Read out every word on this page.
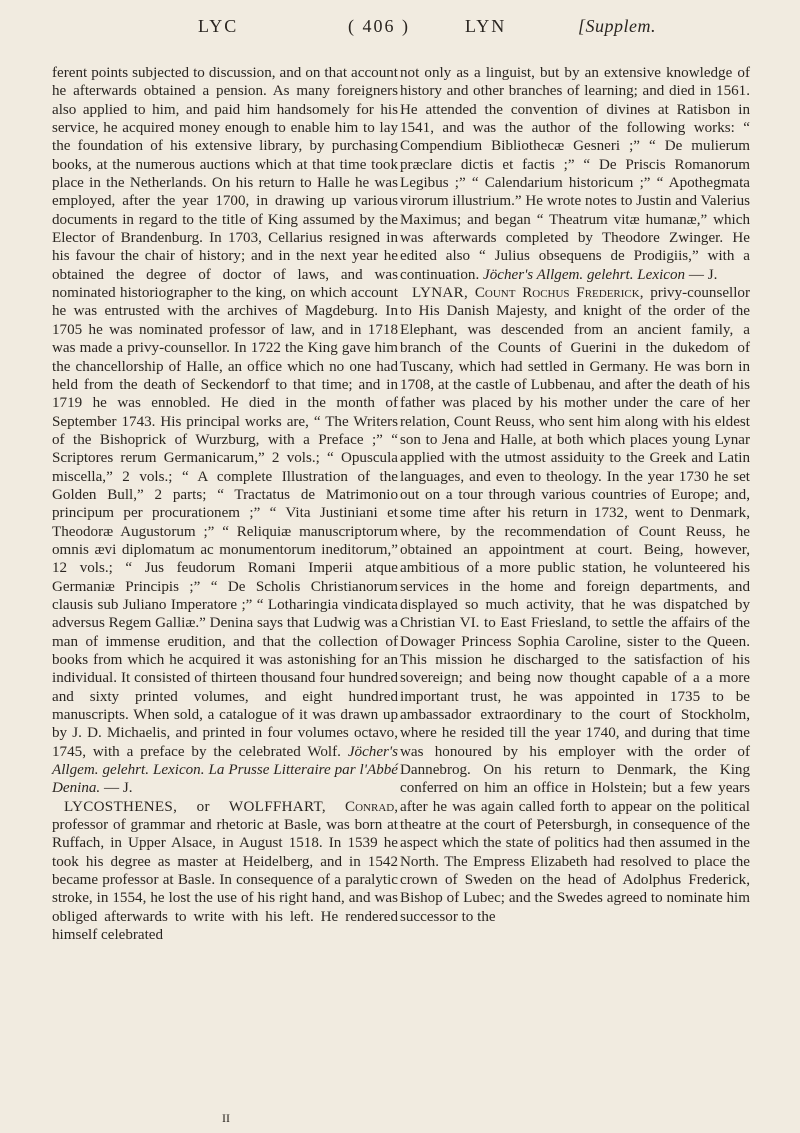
LYC	( 406 )	LYN	[Supplem.

ferent points subjected to discussion, and on that account he afterwards obtained a pension. As many foreigners also applied to him, and paid him handsomely for his service, he acquired money enough to enable him to lay the foundation of his extensive library, by purchasing books, at the numerous auctions which at that time took place in the Netherlands. On his return to Halle he was employed, after the year 1700, in drawing up various documents in regard to the title of King assumed by the Elector of Brandenburg. In 1703, Cellarius resigned in his favour the chair of history; and in the next year he obtained the degree of doctor of laws, and was nominated historiographer to the king, on which account he was entrusted with the archives of Magdeburg. In 1705 he was nominated professor of law, and in 1718 was made a privy-counsellor. In 1722 the King gave him the chancellorship of Halle, an office which no one had held from the death of Seckendorf to that time; and in 1719 he was ennobled. He died in the month of September 1743. His principal works are, “ The Writers of the Bishoprick of Wurzburg, with a Preface ;” “ Scriptores rerum Germanicarum,” 2 vols.; “ Opuscula miscella,” 2 vols.; “ A complete Illustration of the Golden Bull,” 2 parts; “ Tractatus de Matrimonio principum per procurationem ;” “ Vita Justiniani et Theodoræ Augustorum ;” “ Reliquiæ manuscriptorum omnis ævi diplomatum ac monumentorum ineditorum,” 12 vols.; “ Jus feudorum Romani Imperii atque Germaniæ Principis ;” “ De Scholis Christianorum clausis sub Juliano Imperatore ;” “ Lotharingia vindicata adversus Regem Galliæ.” Denina says that Ludwig was a man of immense erudition, and that the collection of books from which he acquired it was astonishing for an individual. It consisted of thirteen thousand four hundred and sixty printed volumes, and eight hundred manuscripts. When sold, a catalogue of it was drawn up by J. D. Michaelis, and printed in four volumes octavo, 1745, with a preface by the celebrated Wolf. Jöcher's Allgem. gelehrt. Lexicon. La Prusse Litteraire par l'Abbé Denina. — J.

LYCOSTHENES, or WOLFFHART, Conrad, professor of grammar and rhetoric at Basle, was born at Ruffach, in Upper Alsace, in August 1518. In 1539 he took his degree as master at Heidelberg, and in 1542 became professor at Basle. In consequence of a paralytic stroke, in 1554, he lost the use of his right hand, and was obliged afterwards to write with his left. He rendered himself celebrated

not only as a linguist, but by an extensive knowledge of history and other branches of learning; and died in 1561. He attended the convention of divines at Ratisbon in 1541, and was the author of the following works: “ Compendium Bibliothecæ Gesneri ;” “ De mulierum præclare dictis et factis ;” “ De Priscis Romanorum Legibus ;” “ Calendarium historicum ;” “ Apothegmata virorum illustrium.” He wrote notes to Justin and Valerius Maximus; and began “ Theatrum vitæ humanæ,” which was afterwards completed by Theodore Zwinger. He edited also “ Julius obsequens de Prodigiis,” with a continuation. Jöcher's Allgem. gelehrt. Lexicon — J.

LYNAR, Count Rochus Frederick, privy-counsellor to His Danish Majesty, and knight of the order of the Elephant, was descended from an ancient family, a branch of the Counts of Guerini in the dukedom of Tuscany, which had settled in Germany. He was born in 1708, at the castle of Lubbenau, and after the death of his father was placed by his mother under the care of her relation, Count Reuss, who sent him along with his eldest son to Jena and Halle, at both which places young Lynar applied with the utmost assiduity to the Greek and Latin languages, and even to theology. In the year 1730 he set out on a tour through various countries of Europe; and, some time after his return in 1732, went to Denmark, where, by the recommendation of Count Reuss, he obtained an appointment at court. Being, however, ambitious of a more public station, he volunteered his services in the home and foreign departments, and displayed so much activity, that he was dispatched by Christian VI. to East Friesland, to settle the affairs of the Dowager Princess Sophia Caroline, sister to the Queen. This mission he discharged to the satisfaction of his sovereign; and being now thought capable of a a more important trust, he was appointed in 1735 to be ambassador extraordinary to the court of Stockholm, where he resided till the year 1740, and during that time was honoured by his employer with the order of Dannebrog. On his return to Denmark, the King conferred on him an office in Holstein; but a few years after he was again called forth to appear on the political theatre at the court of Petersburgh, in consequence of the aspect which the state of politics had then assumed in the North. The Empress Elizabeth had resolved to place the crown of Sweden on the head of Adolphus Frederick, Bishop of Lubec; and the Swedes agreed to nominate him successor to the

II
